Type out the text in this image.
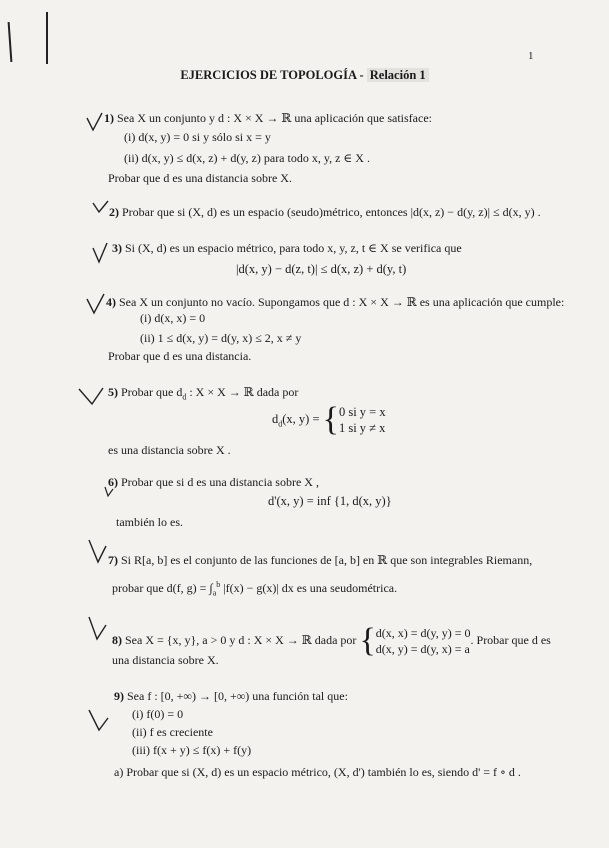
1
EJERCICIOS DE TOPOLOGÍA - Relación 1
1) Sea X un conjunto y d : X × X → ℝ una aplicación que satisface:
(i) d(x, y) = 0 si y sólo si x = y
(ii) d(x, y) ≤ d(x, z) + d(y, z) para todo x, y, z ∈ X .
Probar que d es una distancia sobre X.
2) Probar que si (X, d) es un espacio (seudo)métrico, entonces |d(x, z) − d(y, z)| ≤ d(x, y) .
3) Si (X, d) es un espacio métrico, para todo x, y, z, t ∈ X se verifica que
|d(x, y) − d(z, t)| ≤ d(x, z) + d(y, t)
4) Sea X un conjunto no vacío. Supongamos que d : X × X → ℝ es una aplicación que cumple:
(i) d(x, x) = 0
(ii) 1 ≤ d(x, y) = d(y, x) ≤ 2, x ≠ y
Probar que d es una distancia.
5) Probar que $d_d$ : X × X → ℝ dada por
$d_d(x$, y) = {0 si y = x
1 si y ≠ x
es una distancia sobre X .
6) Probar que si d es una distancia sobre X ,
d'(x, y) = inf {1, d(x, y)}
también lo es.
7) Si R[a, b] es el conjunto de las funciones de [a, b] en ℝ que son integrables Riemann,
probar que d(f, $g) = \int_a^b$ |f(x) − g(x)| dx es una seudométrica.
8) Sea X = {x, y}, a > 0 y d : X × X → ℝ dada por {d(x, x) = d(y, y) = 0
d(x, y) = d(y, x) = a. Probar que d es
una distancia sobre X.
9) Sea f : [0, +∞) → [0, +∞) una función tal que:
(i) f(0) = 0
(ii) f es creciente
(iii) f(x + y) ≤ f(x) + f(y)
a) Probar que si (X, d) es un espacio métrico, (X, d') también lo es, siendo d' = f ∘ d .
